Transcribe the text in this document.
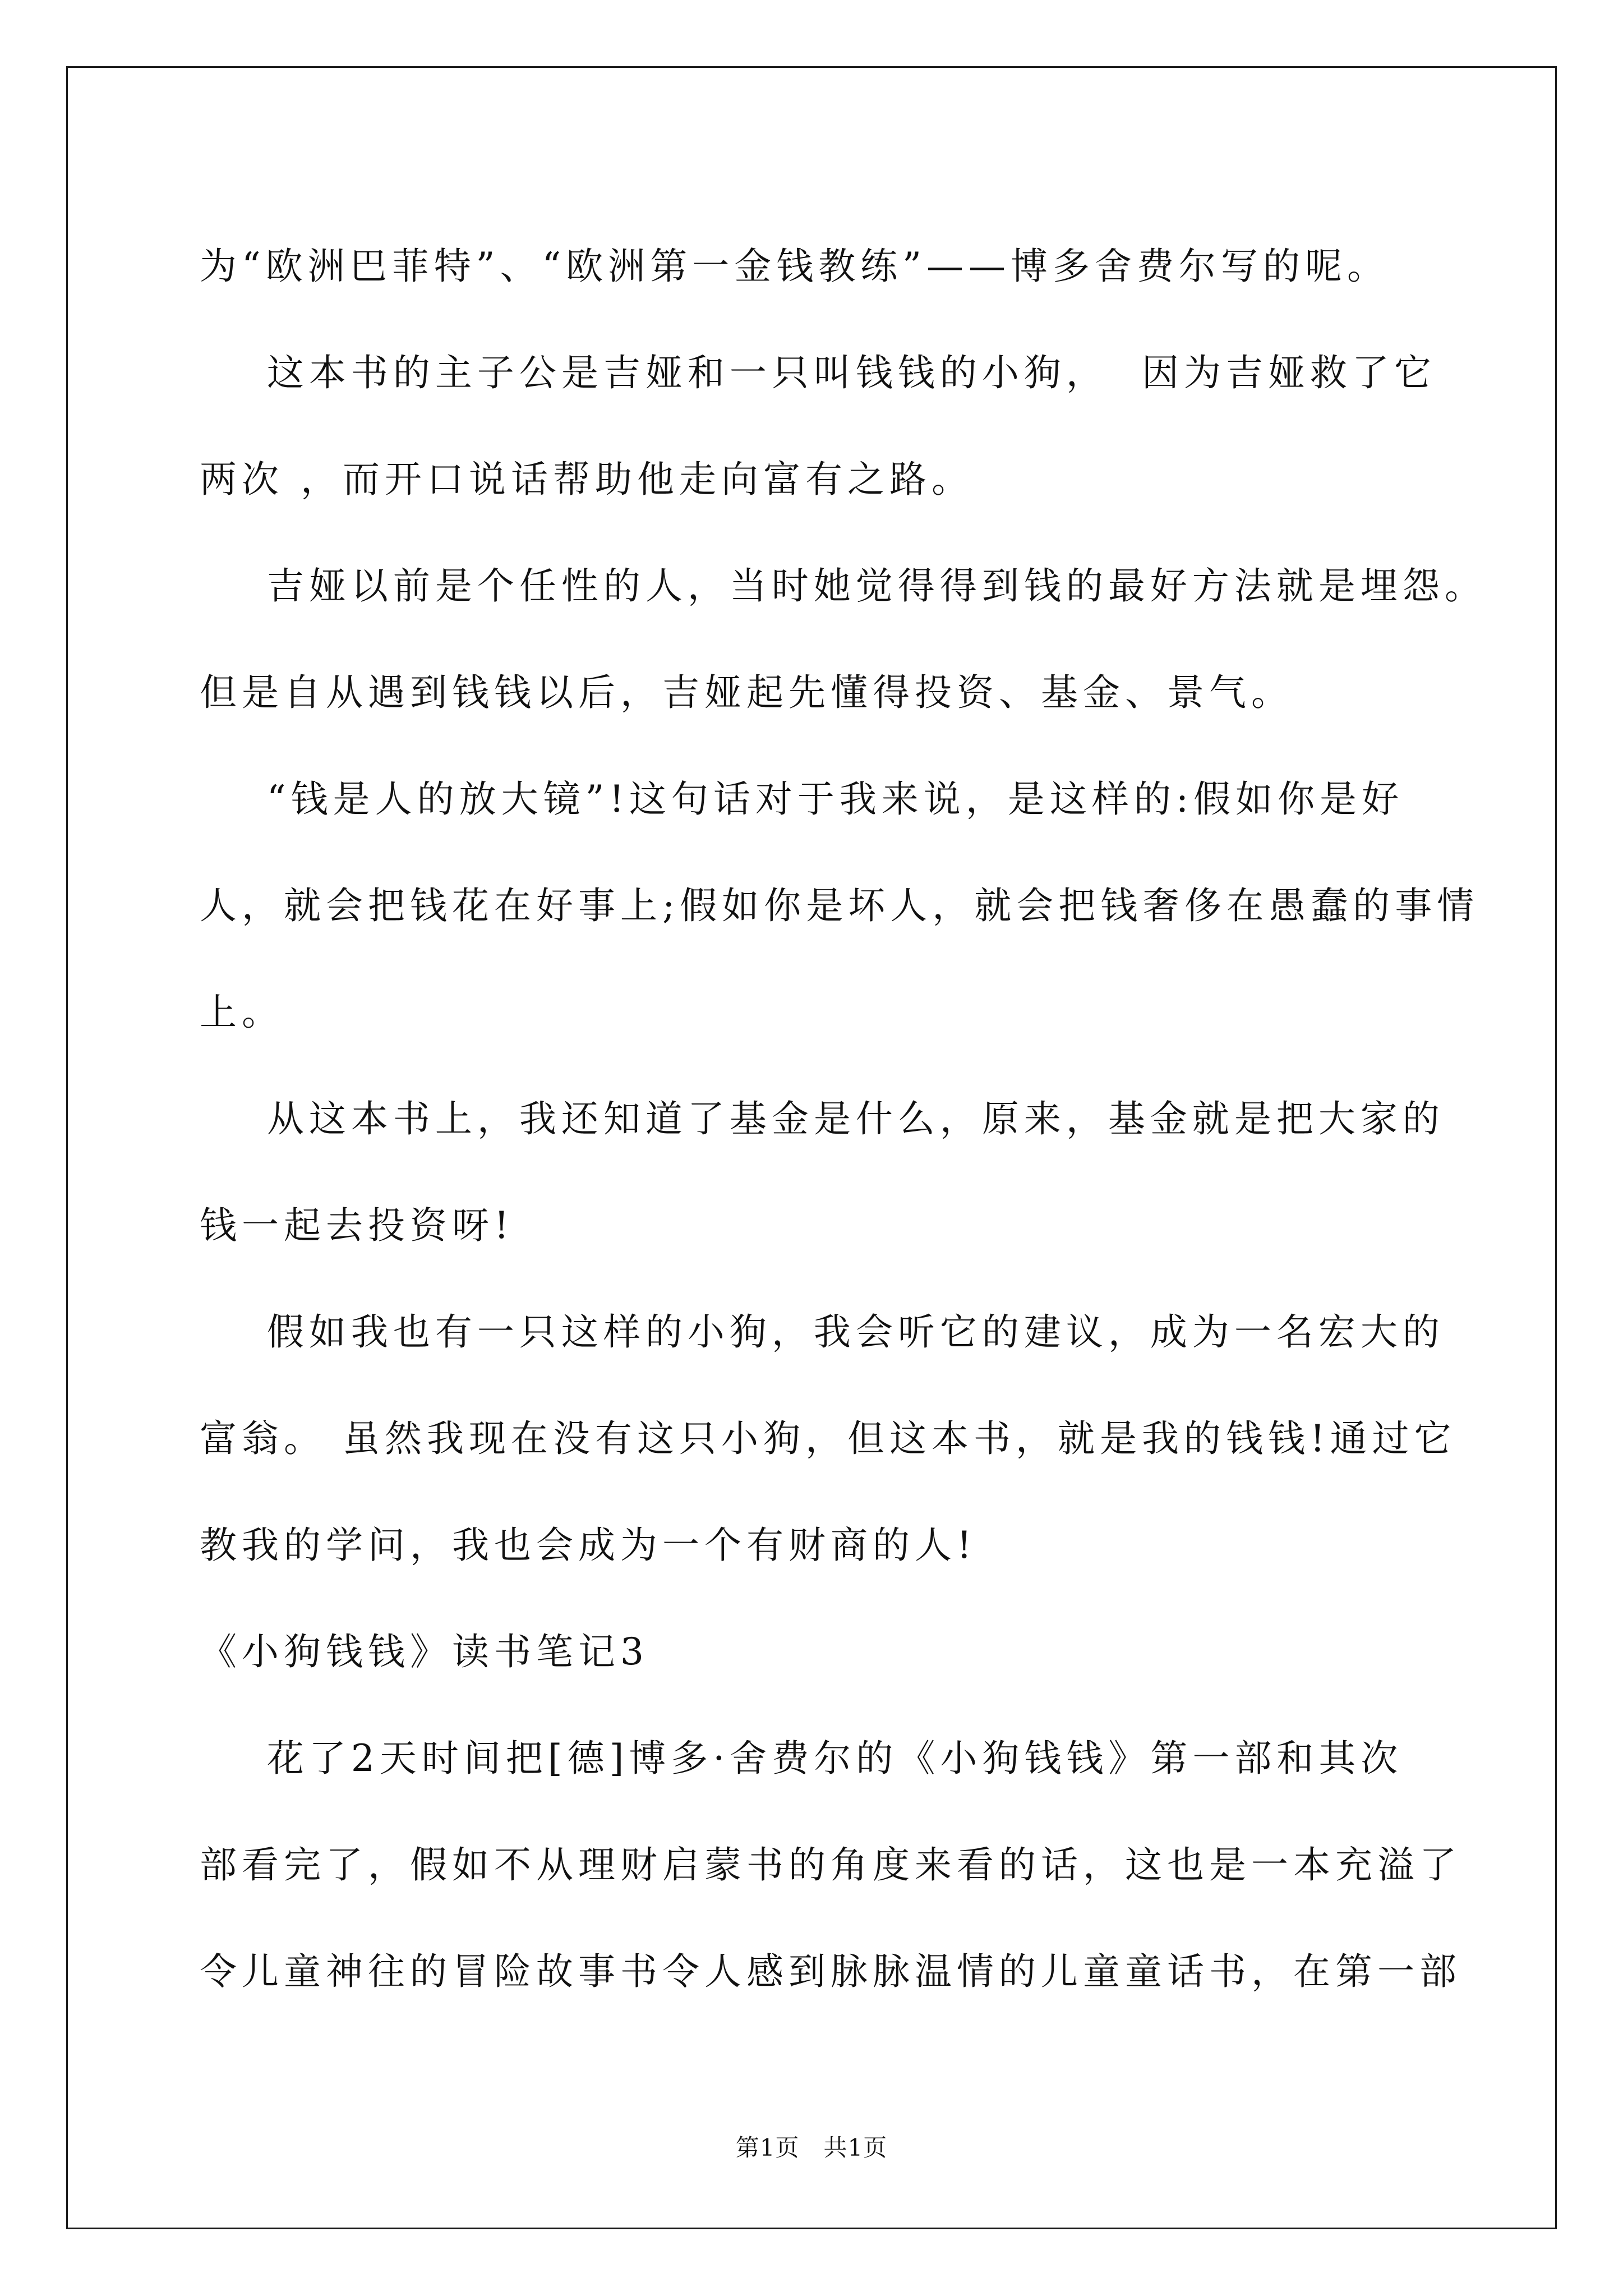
为“欧洲巴菲特”、“欧洲第一金钱教练”——博多舍费尔写的呢。
这本书的主子公是吉娅和一只叫钱钱的小狗，  因为吉娅救了它
两次 ，而开口说话帮助他走向富有之路。
吉娅以前是个任性的人，当时她觉得得到钱的最好方法就是埋怨。
但是自从遇到钱钱以后，吉娅起先懂得投资、基金、景气。
“钱是人的放大镜”!这句话对于我来说，是这样的:假如你是好
人，就会把钱花在好事上;假如你是坏人，就会把钱奢侈在愚蠢的事情
上。
从这本书上，我还知道了基金是什么，原来，基金就是把大家的
钱一起去投资呀!
假如我也有一只这样的小狗，我会听它的建议，成为一名宏大的
富翁。 虽然我现在没有这只小狗，但这本书，就是我的钱钱!通过它
教我的学问，我也会成为一个有财商的人!
《小狗钱钱》读书笔记3
花了2天时间把[德]博多·舍费尔的《小狗钱钱》第一部和其次
部看完了，假如不从理财启蒙书的角度来看的话，这也是一本充溢了
令儿童神往的冒险故事书令人感到脉脉温情的儿童童话书，在第一部
第1页   共1页
